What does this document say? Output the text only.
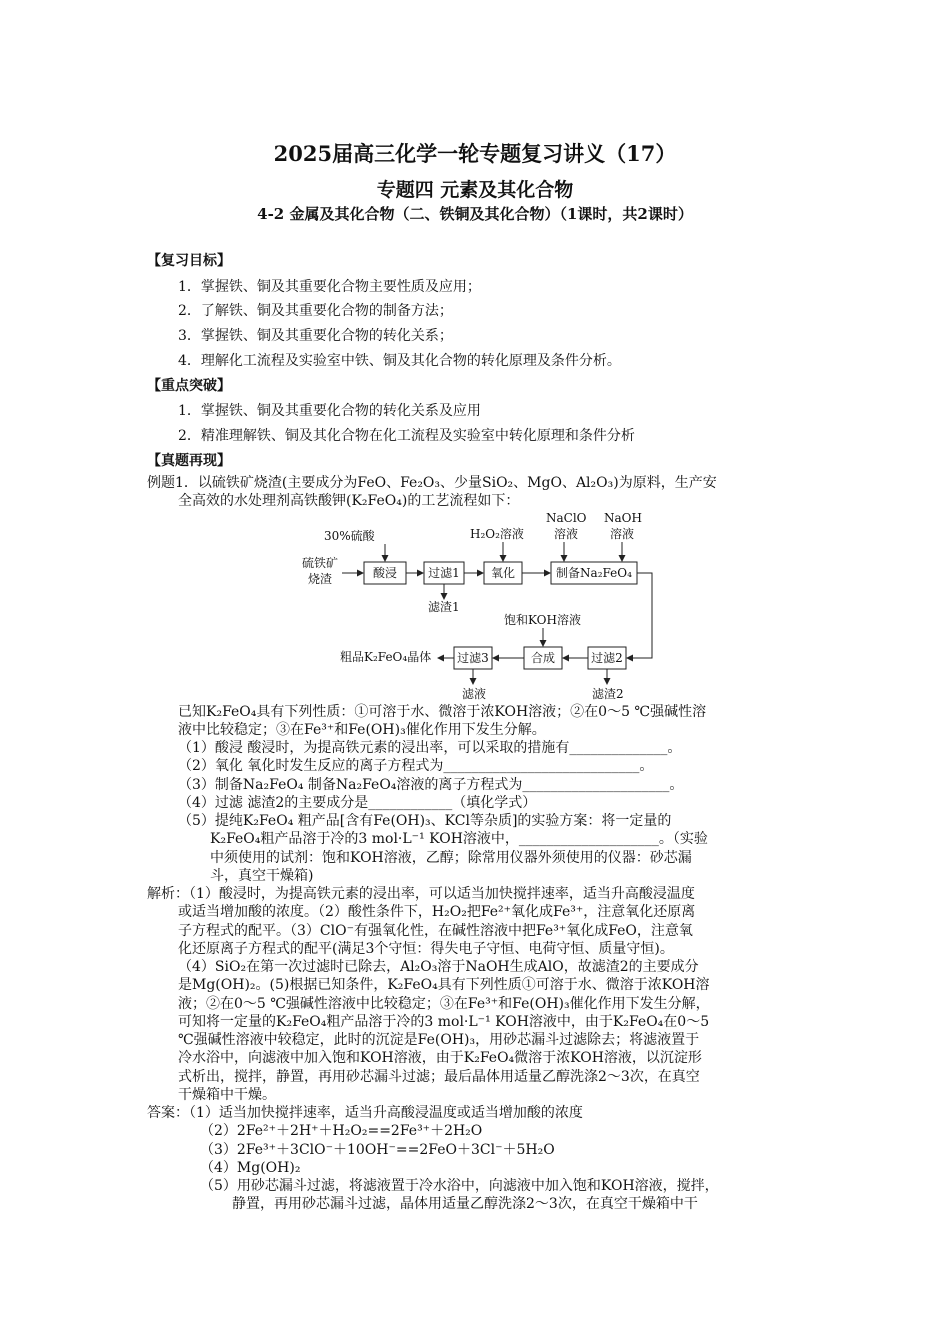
2025届高三化学一轮专题复习讲义（17）
专题四 元素及其化合物
4-2 金属及其化合物（二、铁铜及其化合物）（1课时，共2课时）
【复习目标】
1．掌握铁、铜及其重要化合物主要性质及应用；
2．了解铁、铜及其重要化合物的制备方法；
3．掌握铁、铜及其重要化合物的转化关系；
4．理解化工流程及实验室中铁、铜及其化合物的转化原理及条件分析。
【重点突破】
1．掌握铁、铜及其重要化合物的转化关系及应用
2．精准理解铁、铜及其化合物在化工流程及实验室中转化原理和条件分析
【真题再现】
例题1．以硫铁矿烧渣(主要成分为FeO、Fe₂O₃、少量SiO₂、MgO、Al₂O₃)为原料，生产安
全高效的水处理剂高铁酸钾(K₂FeO₄)的工艺流程如下：
硫铁矿
烧渣
30%硫酸	H₂O₂溶液
NaClO
溶液
NaOH
溶液
滤渣1
饱和KOH溶液
粗品K₂FeO₄晶体
滤液	滤渣2
酸浸	过滤1	氧化	制备Na₂FeO₄
过滤2
合成
过滤3
已知K₂FeO₄具有下列性质：①可溶于水、微溶于浓KOH溶液；②在0～5 ℃强碱性溶
液中比较稳定；③在Fe³⁺和Fe(OH)₃催化作用下发生分解。
（1）酸浸 酸浸时，为提高铁元素的浸出率，可以采取的措施有______________。
（2）氧化 氧化时发生反应的离子方程式为____________________________。
（3）制备Na₂FeO₄ 制备Na₂FeO₄溶液的离子方程式为_____________________。
（4）过滤 滤渣2的主要成分是____________（填化学式）
（5）提纯K₂FeO₄ 粗产品[含有Fe(OH)₃、KCl等杂质]的实验方案：将一定量的
K₂FeO₄粗产品溶于冷的3 mol·L⁻¹ KOH溶液中，____________________。（实验
中须使用的试剂：饱和KOH溶液，乙醇；除常用仪器外须使用的仪器：砂芯漏
斗，真空干燥箱)
解析：（1）酸浸时，为提高铁元素的浸出率，可以适当加快搅拌速率，适当升高酸浸温度
或适当增加酸的浓度。（2）酸性条件下，H₂O₂把Fe²⁺氧化成Fe³⁺，注意氧化还原离
子方程式的配平。（3）ClO⁻有强氧化性，在碱性溶液中把Fe³⁺氧化成FeO，注意氧
化还原离子方程式的配平(满足3个守恒：得失电子守恒、电荷守恒、质量守恒)。
（4）SiO₂在第一次过滤时已除去，Al₂O₃溶于NaOH生成AlO，故滤渣2的主要成分
是Mg(OH)₂。(5)根据已知条件，K₂FeO₄具有下列性质①可溶于水、微溶于浓KOH溶
液；②在0～5 ℃强碱性溶液中比较稳定；③在Fe³⁺和Fe(OH)₃催化作用下发生分解，
可知将一定量的K₂FeO₄粗产品溶于冷的3 mol·L⁻¹ KOH溶液中，由于K₂FeO₄在0～5
℃强碱性溶液中较稳定，此时的沉淀是Fe(OH)₃，用砂芯漏斗过滤除去；将滤液置于
冷水浴中，向滤液中加入饱和KOH溶液，由于K₂FeO₄微溶于浓KOH溶液，以沉淀形
式析出，搅拌，静置，再用砂芯漏斗过滤；最后晶体用适量乙醇洗涤2～3次，在真空
干燥箱中干燥。
答案：（1）适当加快搅拌速率，适当升高酸浸温度或适当增加酸的浓度
（2）2Fe²⁺＋2H⁺＋H₂O₂==2Fe³⁺＋2H₂O
（3）2Fe³⁺＋3ClO⁻＋10OH⁻==2FeO＋3Cl⁻＋5H₂O
（4）Mg(OH)₂
（5）用砂芯漏斗过滤，将滤液置于冷水浴中，向滤液中加入饱和KOH溶液，搅拌，
静置，再用砂芯漏斗过滤，晶体用适量乙醇洗涤2～3次，在真空干燥箱中干
